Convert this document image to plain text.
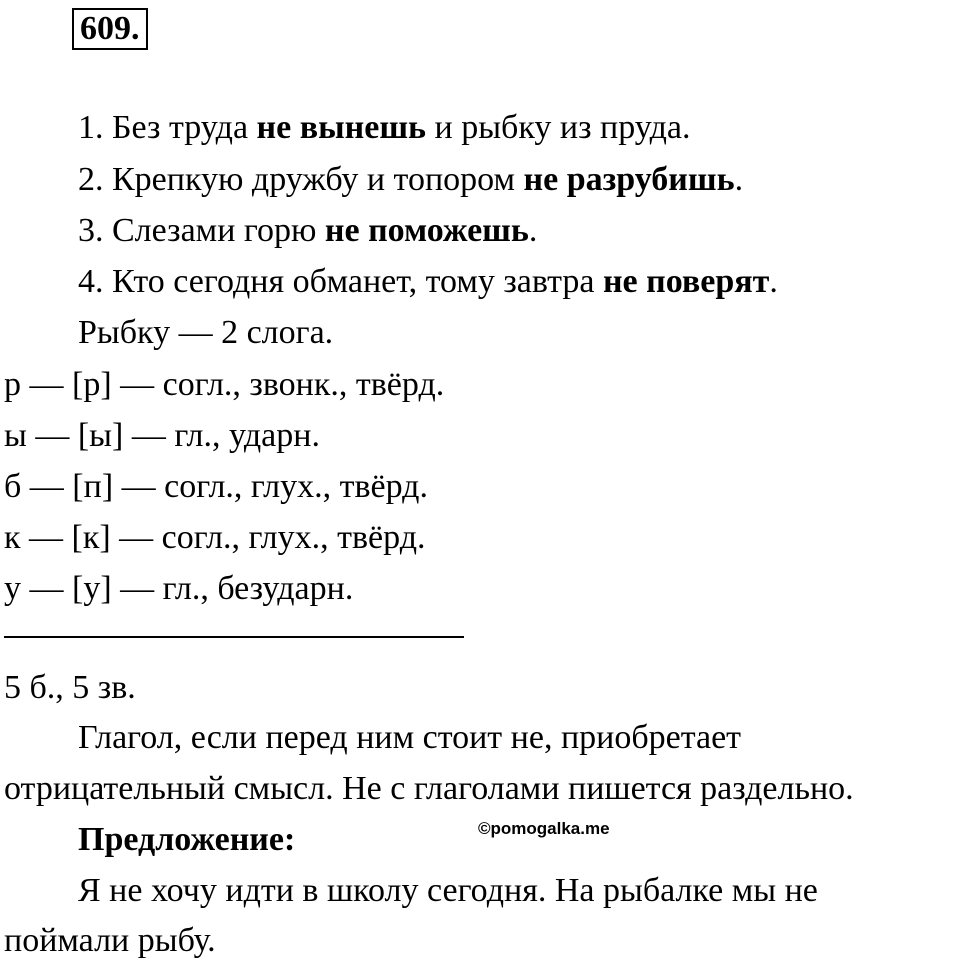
609.
1. Без труда не вынешь и рыбку из пруда.
2. Крепкую дружбу и топором не разрубишь.
3. Слезами горю не поможешь.
4. Кто сегодня обманет, тому завтра не поверят.
Рыбку — 2 слога.
р — [р] — согл., звонк., твёрд.
ы — [ы] — гл., ударн.
б — [п] — согл., глух., твёрд.
к — [к] — согл., глух., твёрд.
у — [у] — гл., безударн.
5 б., 5 зв.
Глагол, если перед ним стоит не, приобретает
отрицательный смысл. Не с глаголами пишется раздельно.
Предложение:	©pomogalka.me
Я не хочу идти в школу сегодня. На рыбалке мы не
поймали рыбу.
